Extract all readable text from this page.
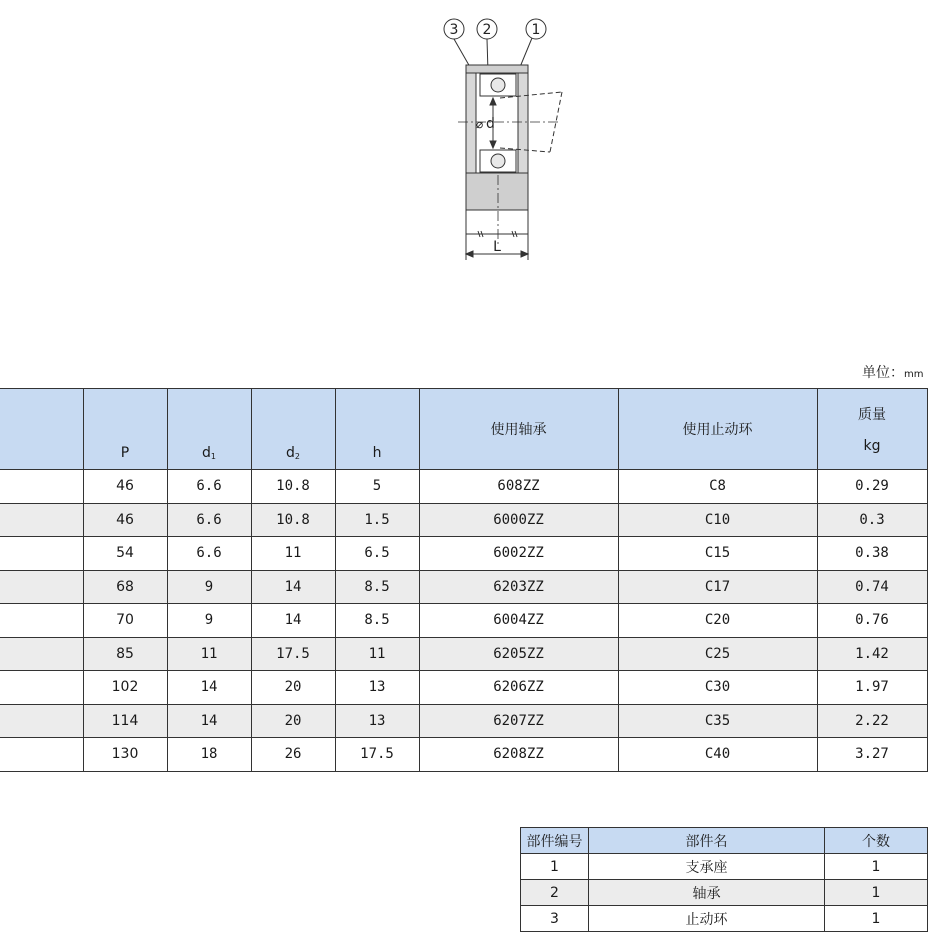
3 2	1
⌀ d
L
单位：mm
	P	$d_1$	$d_2$	h	使用轴承	使用止动环	质量
kg
	46	6.6	10.8	5	608ZZ	C8	0.29
	46	6.6	10.8	1.5	6000ZZ	C10	0.3
	54	6.6	11	6.5	6002ZZ	C15	0.38
	68	9	14	8.5	6203ZZ	C17	0.74
	70	9	14	8.5	6004ZZ	C20	0.76
	85	11	17.5	11	6205ZZ	C25	1.42
	102	14	20	13	6206ZZ	C30	1.97
	114	14	20	13	6207ZZ	C35	2.22
	130	18	26	17.5	6208ZZ	C40	3.27
部件编号	部件名	个数
1	支承座	1
2	轴承	1
3	止动环	1
